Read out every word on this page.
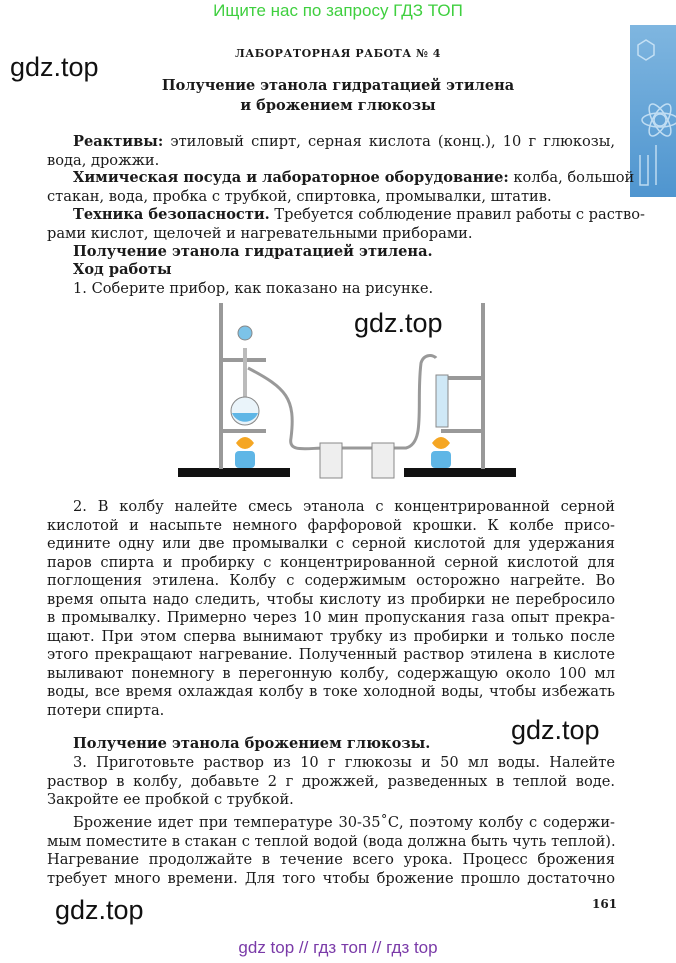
Ищите нас по запросу ГДЗ ТОП
gdz.top
gdz.top
gdz.top
gdz.top
ЛАБОРАТОРНАЯ РАБОТА № 4
Получение этанола гидратацией этилена
и брожением глюкозы
Реактивы: этиловый спирт, серная кислота (конц.), 10 г глюкозы,
вода, дрожжи.
Химическая посуда и лабораторное оборудование: колба, большой
стакан, вода, пробка с трубкой, спиртовка, промывалки, штатив.
Техника безопасности. Требуется соблюдение правил работы с раство-
рами кислот, щелочей и нагревательными приборами.
Получение этанола гидратацией этилена.
Ход работы
1. Соберите прибор, как показано на рисунке.
2. В колбу налейте смесь этанола с концентрированной серной
кислотой и насыпьте немного фарфоровой крошки. К колбе присо-
едините одну или две промывалки с серной кислотой для удержания
паров спирта и пробирку с концентрированной серной кислотой для
поглощения этилена. Колбу с содержимым осторожно нагрейте. Во
время опыта надо следить, чтобы кислоту из пробирки не перебросило
в промывалку. Примерно через 10 мин пропускания газа опыт прекра-
щают. При этом сперва вынимают трубку из пробирки и только после
этого прекращают нагревание. Полученный раствор этилена в кислоте
выливают понемногу в перегонную колбу, содержащую около 100 мл
воды, все время охлаждая колбу в токе холодной воды, чтобы избежать
потери спирта.
Получение этанола брожением глюкозы.
3. Приготовьте раствор из 10 г глюкозы и 50 мл воды. Налейте
раствор в колбу, добавьте 2 г дрожжей, разведенных в теплой воде.
Закройте ее пробкой с трубкой.
Брожение идет при температуре 30-35˚С, поэтому колбу с содержи-
мым поместите в стакан с теплой водой (вода должна быть чуть теплой).
Нагревание продолжайте в течение всего урока. Процесс брожения
требует много времени. Для того чтобы брожение прошло достаточно
161
gdz top // гдз топ // гдз top
